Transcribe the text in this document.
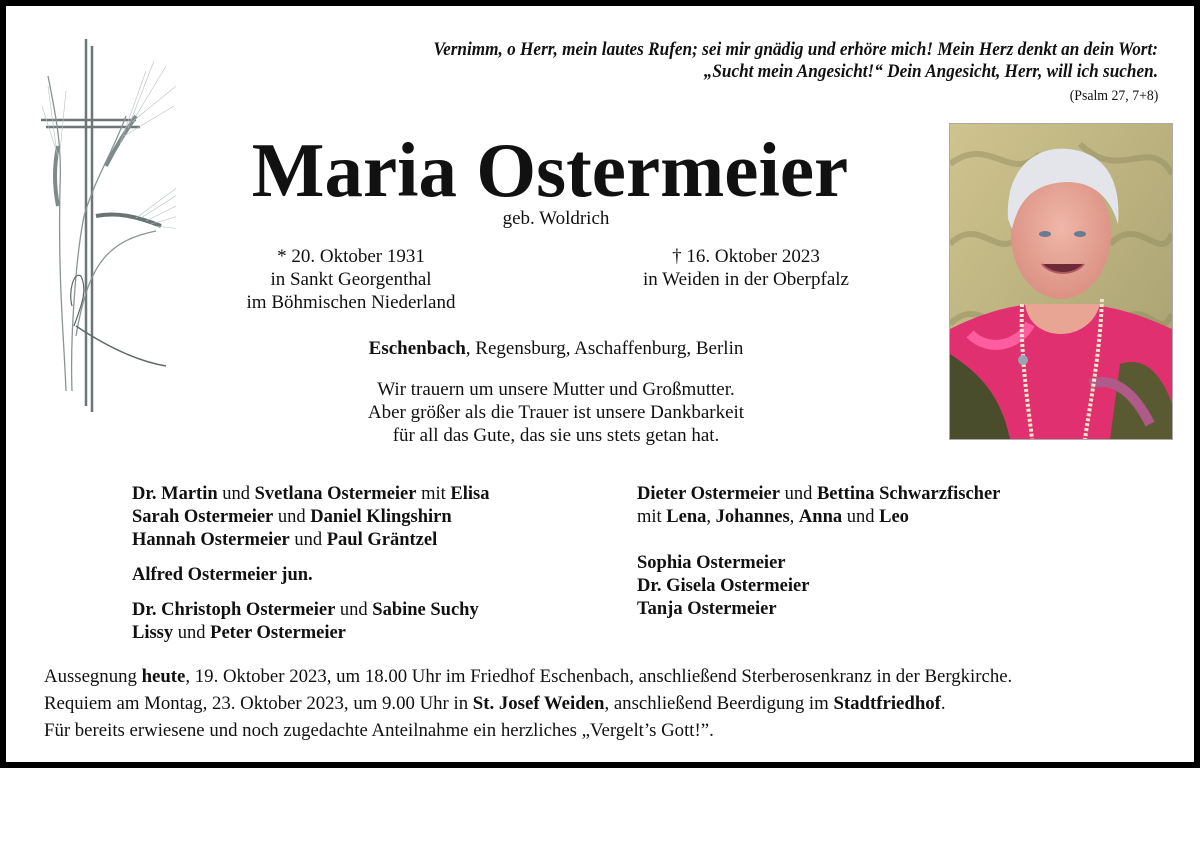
Vernimm, o Herr, mein lautes Rufen; sei mir gnädig und erhöre mich! Mein Herz denkt an dein Wort:
„Sucht mein Angesicht!“ Dein Angesicht, Herr, will ich suchen.
(Psalm 27, 7+8)
Maria Ostermeier
geb. Woldrich
* 20. Oktober 1931
in Sankt Georgenthal
im Böhmischen Niederland
† 16. Oktober 2023
in Weiden in der Oberpfalz
Eschenbach, Regensburg, Aschaffenburg, Berlin
Wir trauern um unsere Mutter und Großmutter.
Aber größer als die Trauer ist unsere Dankbarkeit
für all das Gute, das sie uns stets getan hat.
Dr. Martin und Svetlana Ostermeier mit Elisa
Sarah Ostermeier und Daniel Klingshirn
Hannah Ostermeier und Paul Gräntzel
Alfred Ostermeier jun.
Dr. Christoph Ostermeier und Sabine Suchy
Lissy und Peter Ostermeier
Dieter Ostermeier und Bettina Schwarzfischer
mit Lena, Johannes, Anna und Leo
Sophia Ostermeier
Dr. Gisela Ostermeier
Tanja Ostermeier
Aussegnung heute, 19. Oktober 2023, um 18.00 Uhr im Friedhof Eschenbach, anschließend Sterberosenkranz in der Bergkirche.
Requiem am Montag, 23. Oktober 2023, um 9.00 Uhr in St. Josef Weiden, anschließend Beerdigung im Stadtfriedhof.
Für bereits erwiesene und noch zugedachte Anteilnahme ein herzliches „Vergelt’s Gott!”.
